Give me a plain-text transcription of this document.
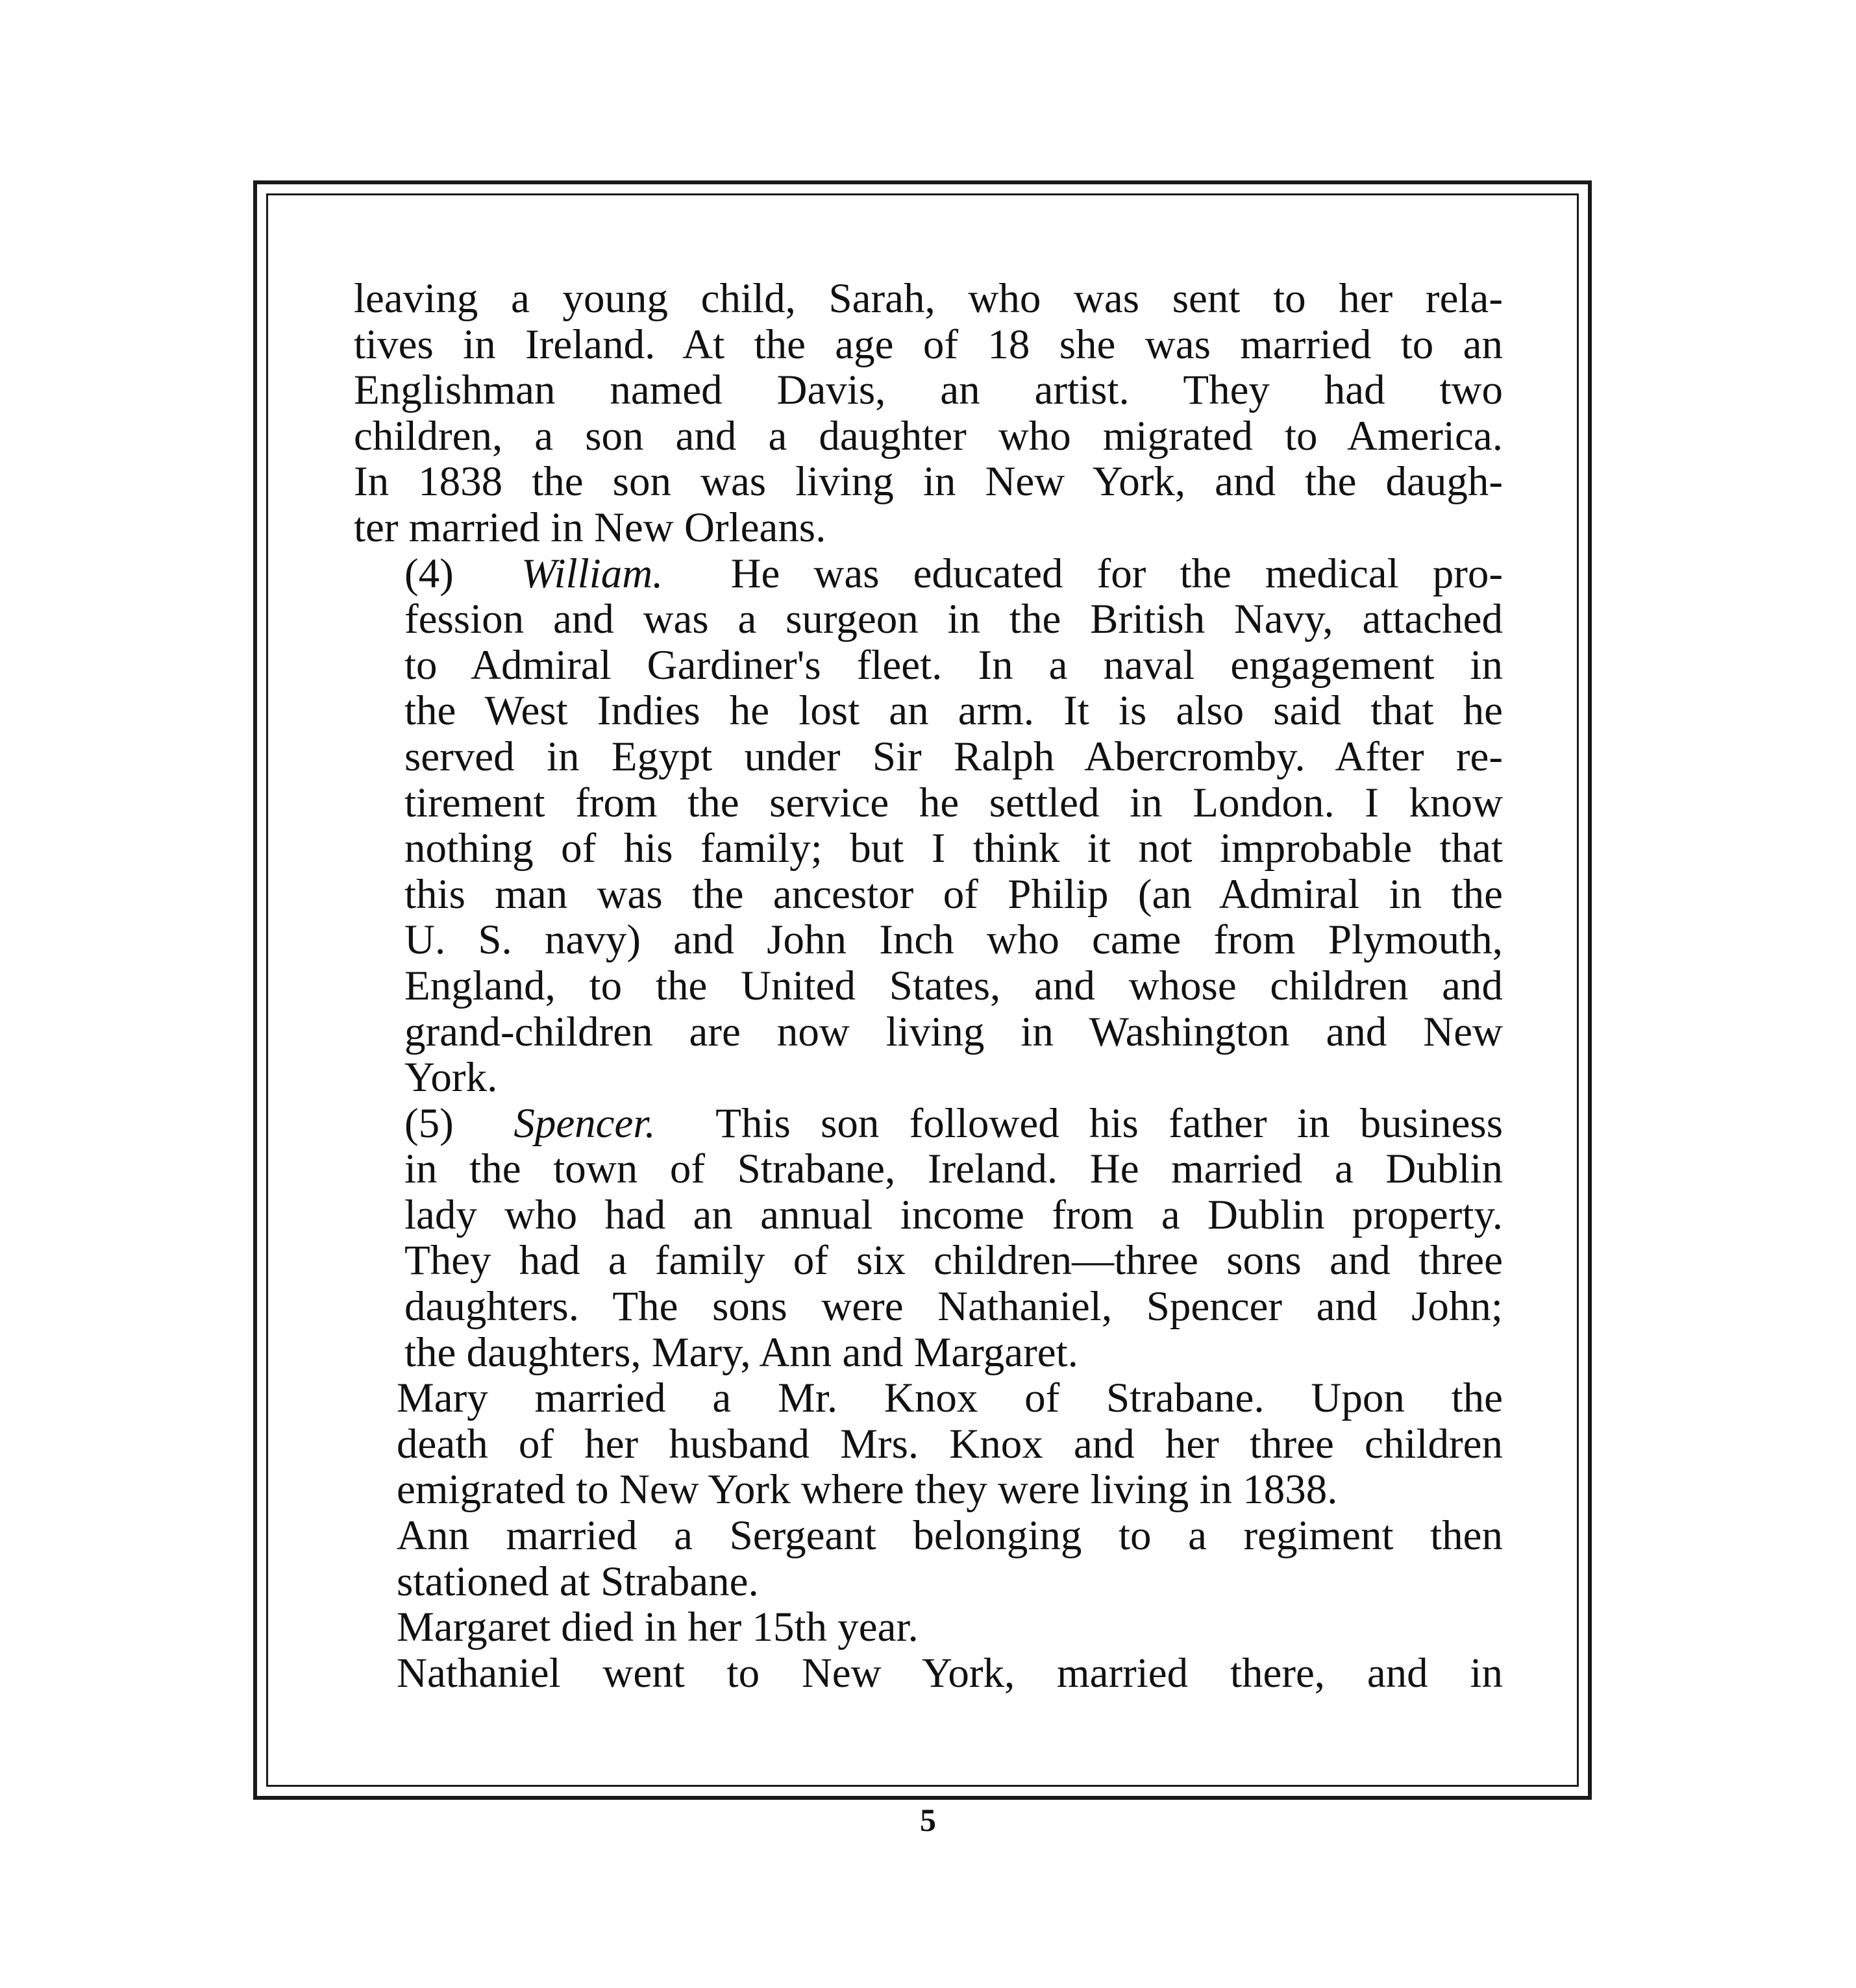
leaving a young child, Sarah, who was sent to her rela-
tives in Ireland. At the age of 18 she was married to an
Englishman named Davis, an artist. They had two
children, a son and a daughter who migrated to America.
In 1838 the son was living in New York, and the daugh-
ter married in New Orleans.

(4) William. He was educated for the medical pro-
fession and was a surgeon in the British Navy, attached
to Admiral Gardiner's fleet. In a naval engagement in
the West Indies he lost an arm. It is also said that he
served in Egypt under Sir Ralph Abercromby. After re-
tirement from the service he settled in London. I know
nothing of his family; but I think it not improbable that
this man was the ancestor of Philip (an Admiral in the
U. S. navy) and John Inch who came from Plymouth,
England, to the United States, and whose children and
grand-children are now living in Washington and New
York.

(5) Spencer. This son followed his father in business
in the town of Strabane, Ireland. He married a Dublin
lady who had an annual income from a Dublin property.
They had a family of six children—three sons and three
daughters. The sons were Nathaniel, Spencer and John;
the daughters, Mary, Ann and Margaret.

Mary married a Mr. Knox of Strabane. Upon the
death of her husband Mrs. Knox and her three children
emigrated to New York where they were living in 1838.

Ann married a Sergeant belonging to a regiment then
stationed at Strabane.

Margaret died in her 15th year.

Nathaniel went to New York, married there, and in

5
